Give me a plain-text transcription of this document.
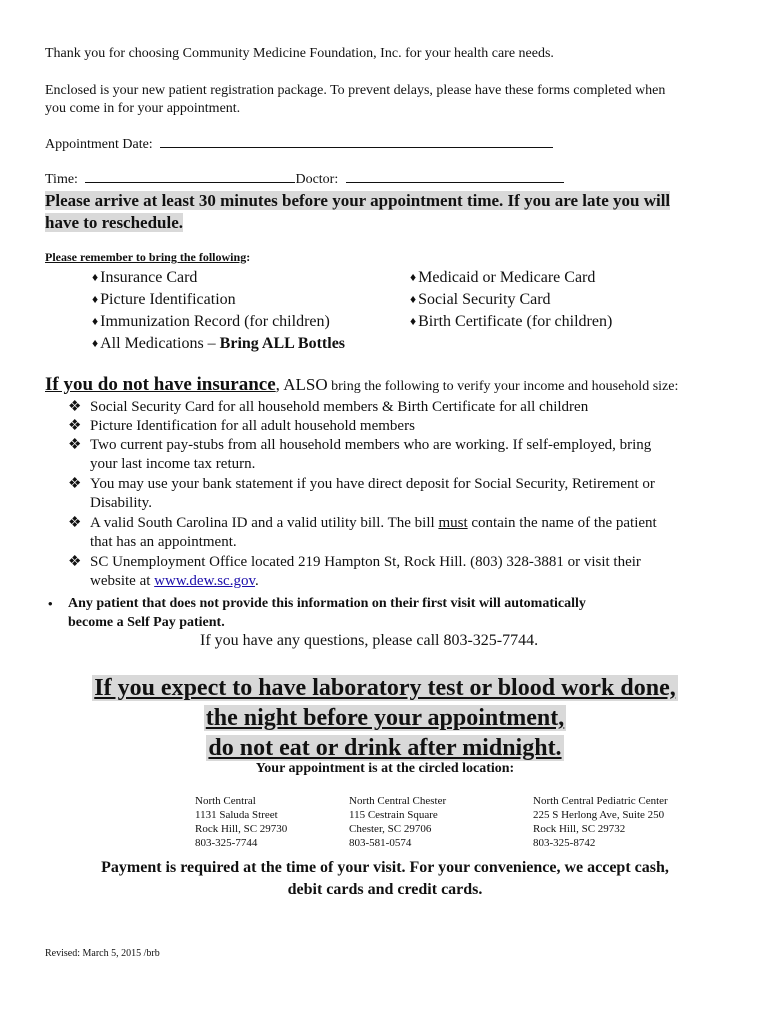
Thank you for choosing Community Medicine Foundation, Inc. for your health care needs.

Enclosed is your new patient registration package. To prevent delays, please have these forms completed when

you come in for your appointment.

Appointment Date:

Time:	Doctor:

Please arrive at least 30 minutes before your appointment time. If you are late you will
have to reschedule.

Please remember to bring the following:

♦ Insurance Card

♦ Picture Identification

♦ Immunization Record (for children)

♦ All Medications – Bring ALL Bottles

♦ Medicaid or Medicare Card

♦ Social Security Card

♦ Birth Certificate (for children)

If you do not have insurance, ALSO bring the following to verify your income and household size:

❖ Social Security Card for all household members & Birth Certificate for all children
❖ Picture Identification for all adult household members
❖ Two current pay-stubs from all household members who are working. If self-employed, bring
your last income tax return.
❖ You may use your bank statement if you have direct deposit for Social Security, Retirement or
Disability.
❖ A valid South Carolina ID and a valid utility bill. The bill must contain the name of the patient
that has an appointment.
❖ SC Unemployment Office located 219 Hampton St, Rock Hill. (803) 328-3881 or visit their
website at www.dew.sc.gov.
• Any patient that does not provide this information on their first visit will automatically
become a Self Pay patient.

If you have any questions, please call 803-325-7744.

If you expect to have laboratory test or blood work done,
the night before your appointment,
do not eat or drink after midnight.
Your appointment is at the circled location:
North Central
1131 Saluda Street
Rock Hill, SC 29730
803-325-7744
North Central Chester
115 Cestrain Square
Chester, SC 29706
803-581-0574
North Central Pediatric Center
225 S Herlong Ave, Suite 250
Rock Hill, SC 29732
803-325-8742
Payment is required at the time of your visit. For your convenience, we accept cash,
debit cards and credit cards.

Revised: March 5, 2015 /brb
